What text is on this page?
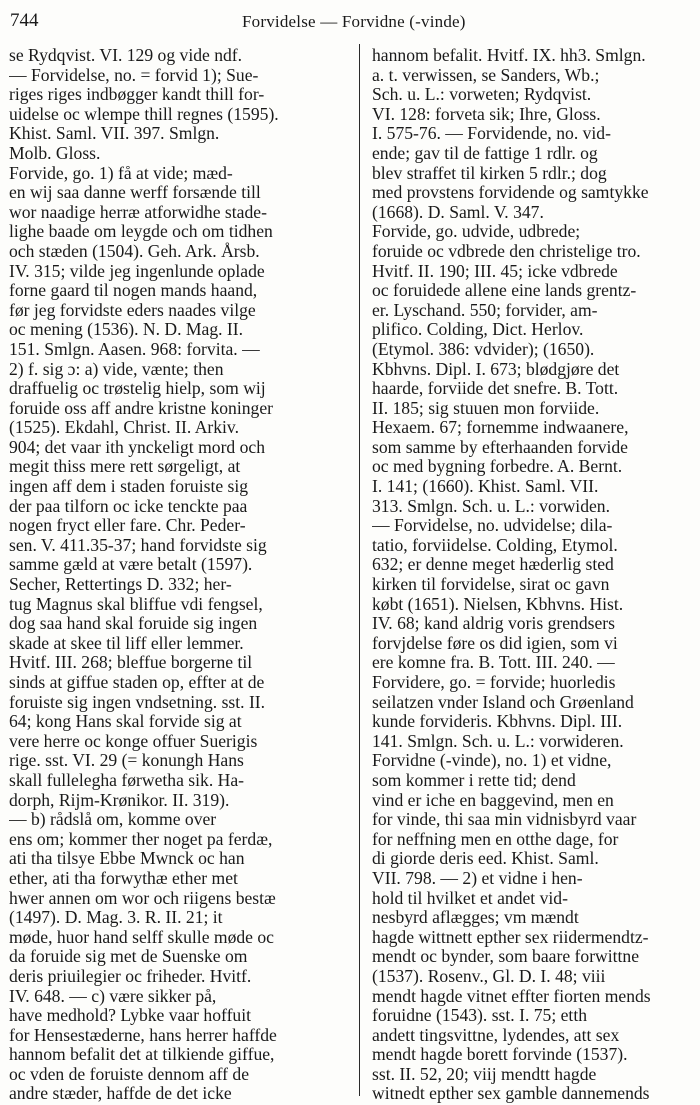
744	Forvidelse — Forvidne (-vinde)
se Rydqvist. VI. 129 og vide ndf.
— Forvidelse, no. = forvid 1); Sue-
riges riges indbøgger kandt thill for-
uidelse oc wlempe thill regnes (1595).
Khist. Saml. VII. 397. Smlgn.
Molb. Gloss.
Forvide, go. 1) få at vide; mæd-
en wij saa danne werff forsænde till
wor naadige herræ atforwidhe stade-
lighe baade om leygde och om tidhen
och stæden (1504). Geh. Ark. Årsb.
IV. 315; vilde jeg ingenlunde oplade
forne gaard til nogen mands haand,
før jeg forvidste eders naades vilge
oc mening (1536). N. D. Mag. II.
151. Smlgn. Aasen. 968: forvita. —
2) f. sig ɔ: a) vide, vænte; then
draffuelig oc trøstelig hielp, som wij
foruide oss aff andre kristne koninger
(1525). Ekdahl, Christ. II. Arkiv.
904; det vaar ith ynckeligt mord och
megit thiss mere rett sørgeligt, at
ingen aff dem i staden foruiste sig
der paa tilforn oc icke tenckte paa
nogen fryct eller fare. Chr. Peder-
sen. V. 411.35-37; hand forvidste sig
samme gæld at være betalt (1597).
Secher, Rettertings D. 332; her-
tug Magnus skal bliffue vdi fengsel,
dog saa hand skal foruide sig ingen
skade at skee til liff eller lemmer.
Hvitf. III. 268; bleffue borgerne til
sinds at giffue staden op, effter at de
foruiste sig ingen vndsetning. sst. II.
64; kong Hans skal forvide sig at
vere herre oc konge offuer Suerigis
rige. sst. VI. 29 (= konungh Hans
skall fullelegha førwetha sik. Ha-
dorph, Rijm-Krønikor. II. 319).
— b) rådslå om, komme over
ens om; kommer ther noget pa ferdæ,
ati tha tilsye Ebbe Mwnck oc han
ether, ati tha forwythæ ether met
hwer annen om wor och riigens bestæ
(1497). D. Mag. 3. R. II. 21; it
møde, huor hand selff skulle møde oc
da foruide sig met de Suenske om
deris priuilegier oc friheder. Hvitf.
IV. 648. — c) være sikker på,
have medhold? Lybke vaar hoffuit
for Hensestæderne, hans herrer haffde
hannom befalit det at tilkiende giffue,
oc vden de foruiste dennom aff de
andre stæder, haffde de det icke
hannom befalit. Hvitf. IX. hh3. Smlgn.
a. t. verwissen, se Sanders, Wb.;
Sch. u. L.: vorweten; Rydqvist.
VI. 128: forveta sik; Ihre, Gloss.
I. 575-76. — Forvidende, no. vid-
ende; gav til de fattige 1 rdlr. og
blev straffet til kirken 5 rdlr.; dog
med provstens forvidende og samtykke
(1668). D. Saml. V. 347.
Forvide, go. udvide, udbrede;
foruide oc vdbrede den christelige tro.
Hvitf. II. 190; III. 45; icke vdbrede
oc foruidede allene eine lands grentz-
er. Lyschand. 550; forvider, am-
plifico. Colding, Dict. Herlov.
(Etymol. 386: vdvider); (1650).
Kbhvns. Dipl. I. 673; blødgjøre det
haarde, forviide det snefre. B. Tott.
II. 185; sig stuuen mon forviide.
Hexaem. 67; fornemme indwaanere,
som samme by efterhaanden forvide
oc med bygning forbedre. A. Bernt.
I. 141; (1660). Khist. Saml. VII.
313. Smlgn. Sch. u. L.: vorwiden.
— Forvidelse, no. udvidelse; dila-
tatio, forviidelse. Colding, Etymol.
632; er denne meget hæderlig sted
kirken til forvidelse, sirat oc gavn
købt (1651). Nielsen, Kbhvns. Hist.
IV. 68; kand aldrig voris grendsers
forvjdelse føre os did igien, som vi
ere komne fra. B. Tott. III. 240. —
Forvidere, go. = forvide; huorledis
seilatzen vnder Island och Grøenland
kunde forvideris. Kbhvns. Dipl. III.
141. Smlgn. Sch. u. L.: vorwideren.
Forvidne (-vinde), no. 1) et vidne,
som kommer i rette tid; dend
vind er iche en baggevind, men en
for vinde, thi saa min vidnisbyrd vaar
for neffning men en otthe dage, for
di giorde deris eed. Khist. Saml.
VII. 798. — 2) et vidne i hen-
hold til hvilket et andet vid-
nesbyrd aflægges; vm mændt
hagde wittnett epther sex riidermendtz-
mendt oc bynder, som baare forwittne
(1537). Rosenv., Gl. D. I. 48; viii
mendt hagde vitnet effter fiorten mends
foruidne (1543). sst. I. 75; etth
andett tingsvittne, lydendes, att sex
mendt hagde borett forvinde (1537).
sst. II. 52, 20; viij mendtt hagde
witnedt epther sex gamble dannemends
